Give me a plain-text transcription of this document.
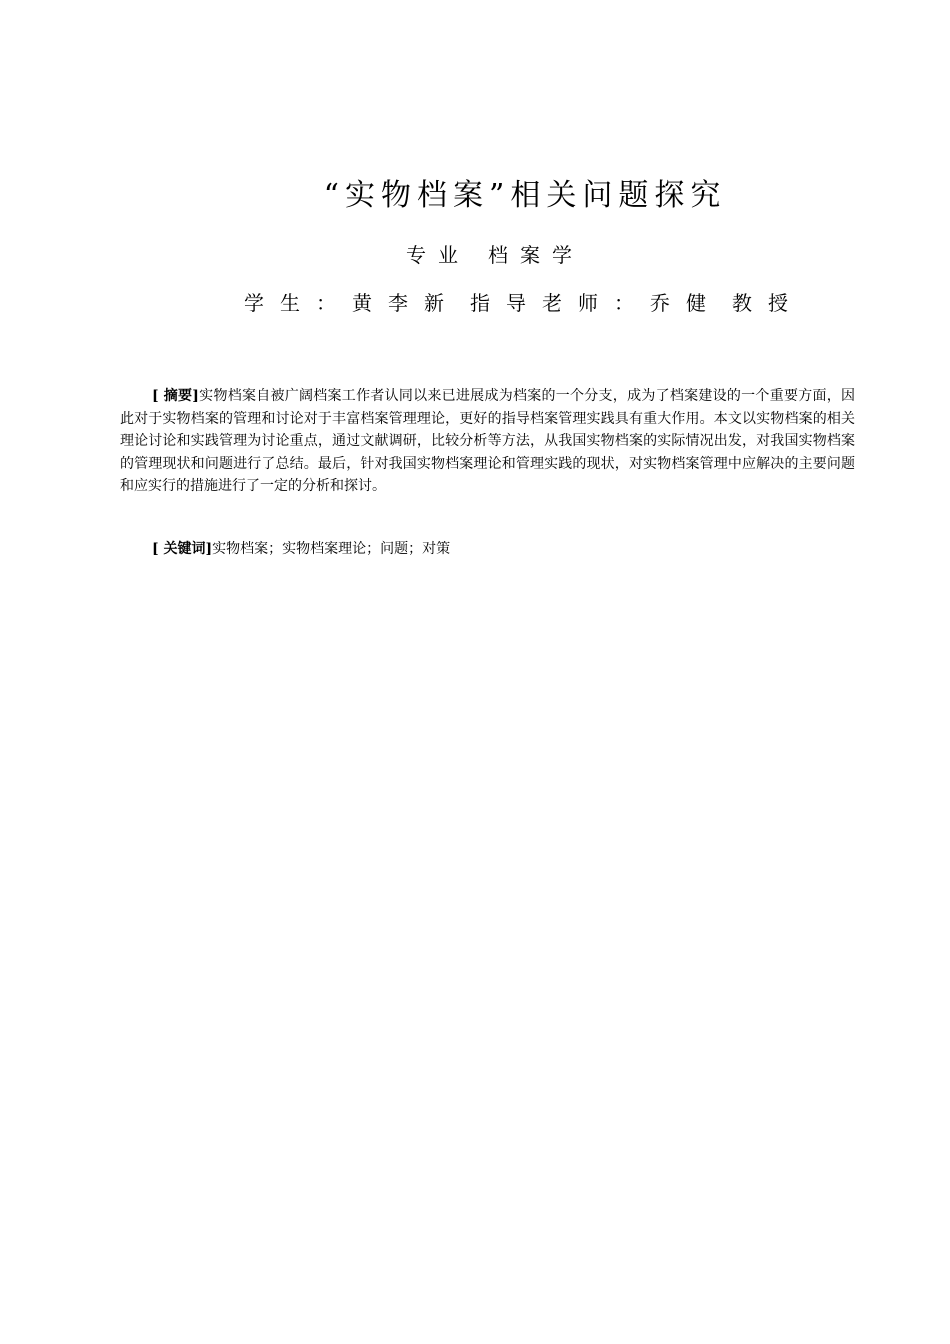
“实物档案”相关问题探究
专业 档案学
学生：黄李新 指导老师：乔健 教授

[ 摘要]实物档案自被广阔档案工作者认同以来已进展成为档案的一个分支，成为了档案建设的一个重要方面，因此对于实物档案的管理和讨论对于丰富档案管理理论，更好的指导档案管理实践具有重大作用。本文以实物档案的相关理论讨论和实践管理为讨论重点，通过文献调研，比较分析等方法，从我国实物档案的实际情况出发，对我国实物档案的管理现状和问题进行了总结。最后，针对我国实物档案理论和管理实践的现状，对实物档案管理中应解决的主要问题和应实行的措施进行了一定的分析和探讨。

[ 关键词]实物档案；实物档案理论；问题；对策
